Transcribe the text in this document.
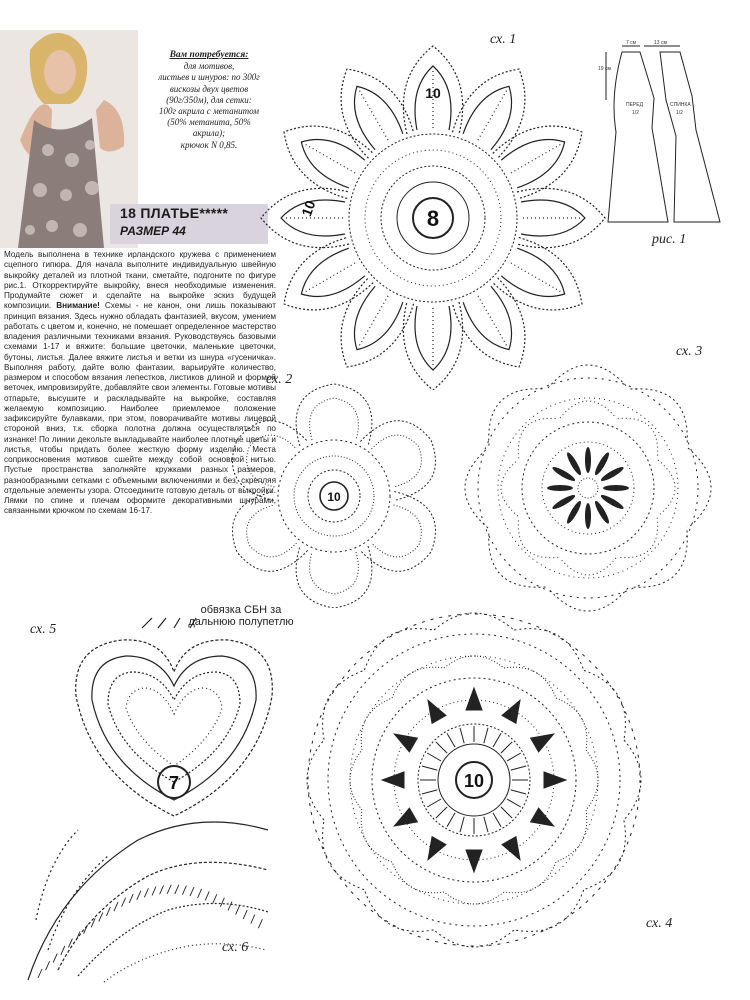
Вам потребуется:
для мотивов,
листьев и шнуров: по 300г
вискозы двух цветов
(90г/350м), для сетки:
100г акрила с метанитом
(50% метанита, 50% акрила);
крючок N 0,85.
18 ПЛАТЬЕ*****
РАЗМЕР 44
Модель выполнена в технике ирландского кружева с применением сцепного гипюра. Для начала выполните индивидуальную швейную выкройку деталей из плотной ткани, сметайте, подгоните по фигуре рис.1. Откорректируйте выкройку, внеся необходимые изменения. Продумайте сюжет и сделайте на выкройке эскиз будущей композиции. Внимание! Схемы - не канон, они лишь показывают принцип вязания. Здесь нужно обладать фантазией, вкусом, умением работать с цветом и, конечно, не помешает определенное мастерство владения различными техниками вязания. Руководствуясь базовыми схемами 1-17 и вяжите: большие цветочки, маленькие цветочки, бутоны, листья. Далее вяжите листья и ветки из шнура «гусеничка». Выполняя работу, дайте волю фантазии, варьируйте количество, размером и способом вязания лепестков, листиков длиной и формой веточек, импровизируйте, добавляйте свои элементы. Готовые мотивы отпарьте, высушите и раскладывайте на выкройке, составляя желаемую композицию. Наиболее приемлемое положение зафиксируйте булавками, при этом, поворачивайте мотивы лицевой стороной вниз, т.к. сборка полотна должна осуществляться по изнанке! По линии декольте выкладывайте наиболее плотные цветы и листья, чтобы придать более жесткую форму изделию. Места соприкосновения мотивов сшейте между собой основной нитью. Пустые пространства заполняйте кружками разных размеров, разнообразными сетками с объемными включениями и без, скрепляя отдельные элементы узора. Отсоедините готовую деталь от выкройки. Лямки по спине и плечам оформите декоративными шнурами, связанными крючком по схемам 16-17.
7 см	13 см
19 см
ПЕРЕД
1/2
СПИНКА
1/2
рис. 1
8
10
10
сх. 1
10
сх. 2
сх. 3
7
сх. 5
обвязка СБН за дальнюю полупетлю
10
сх. 4
сх. 6
